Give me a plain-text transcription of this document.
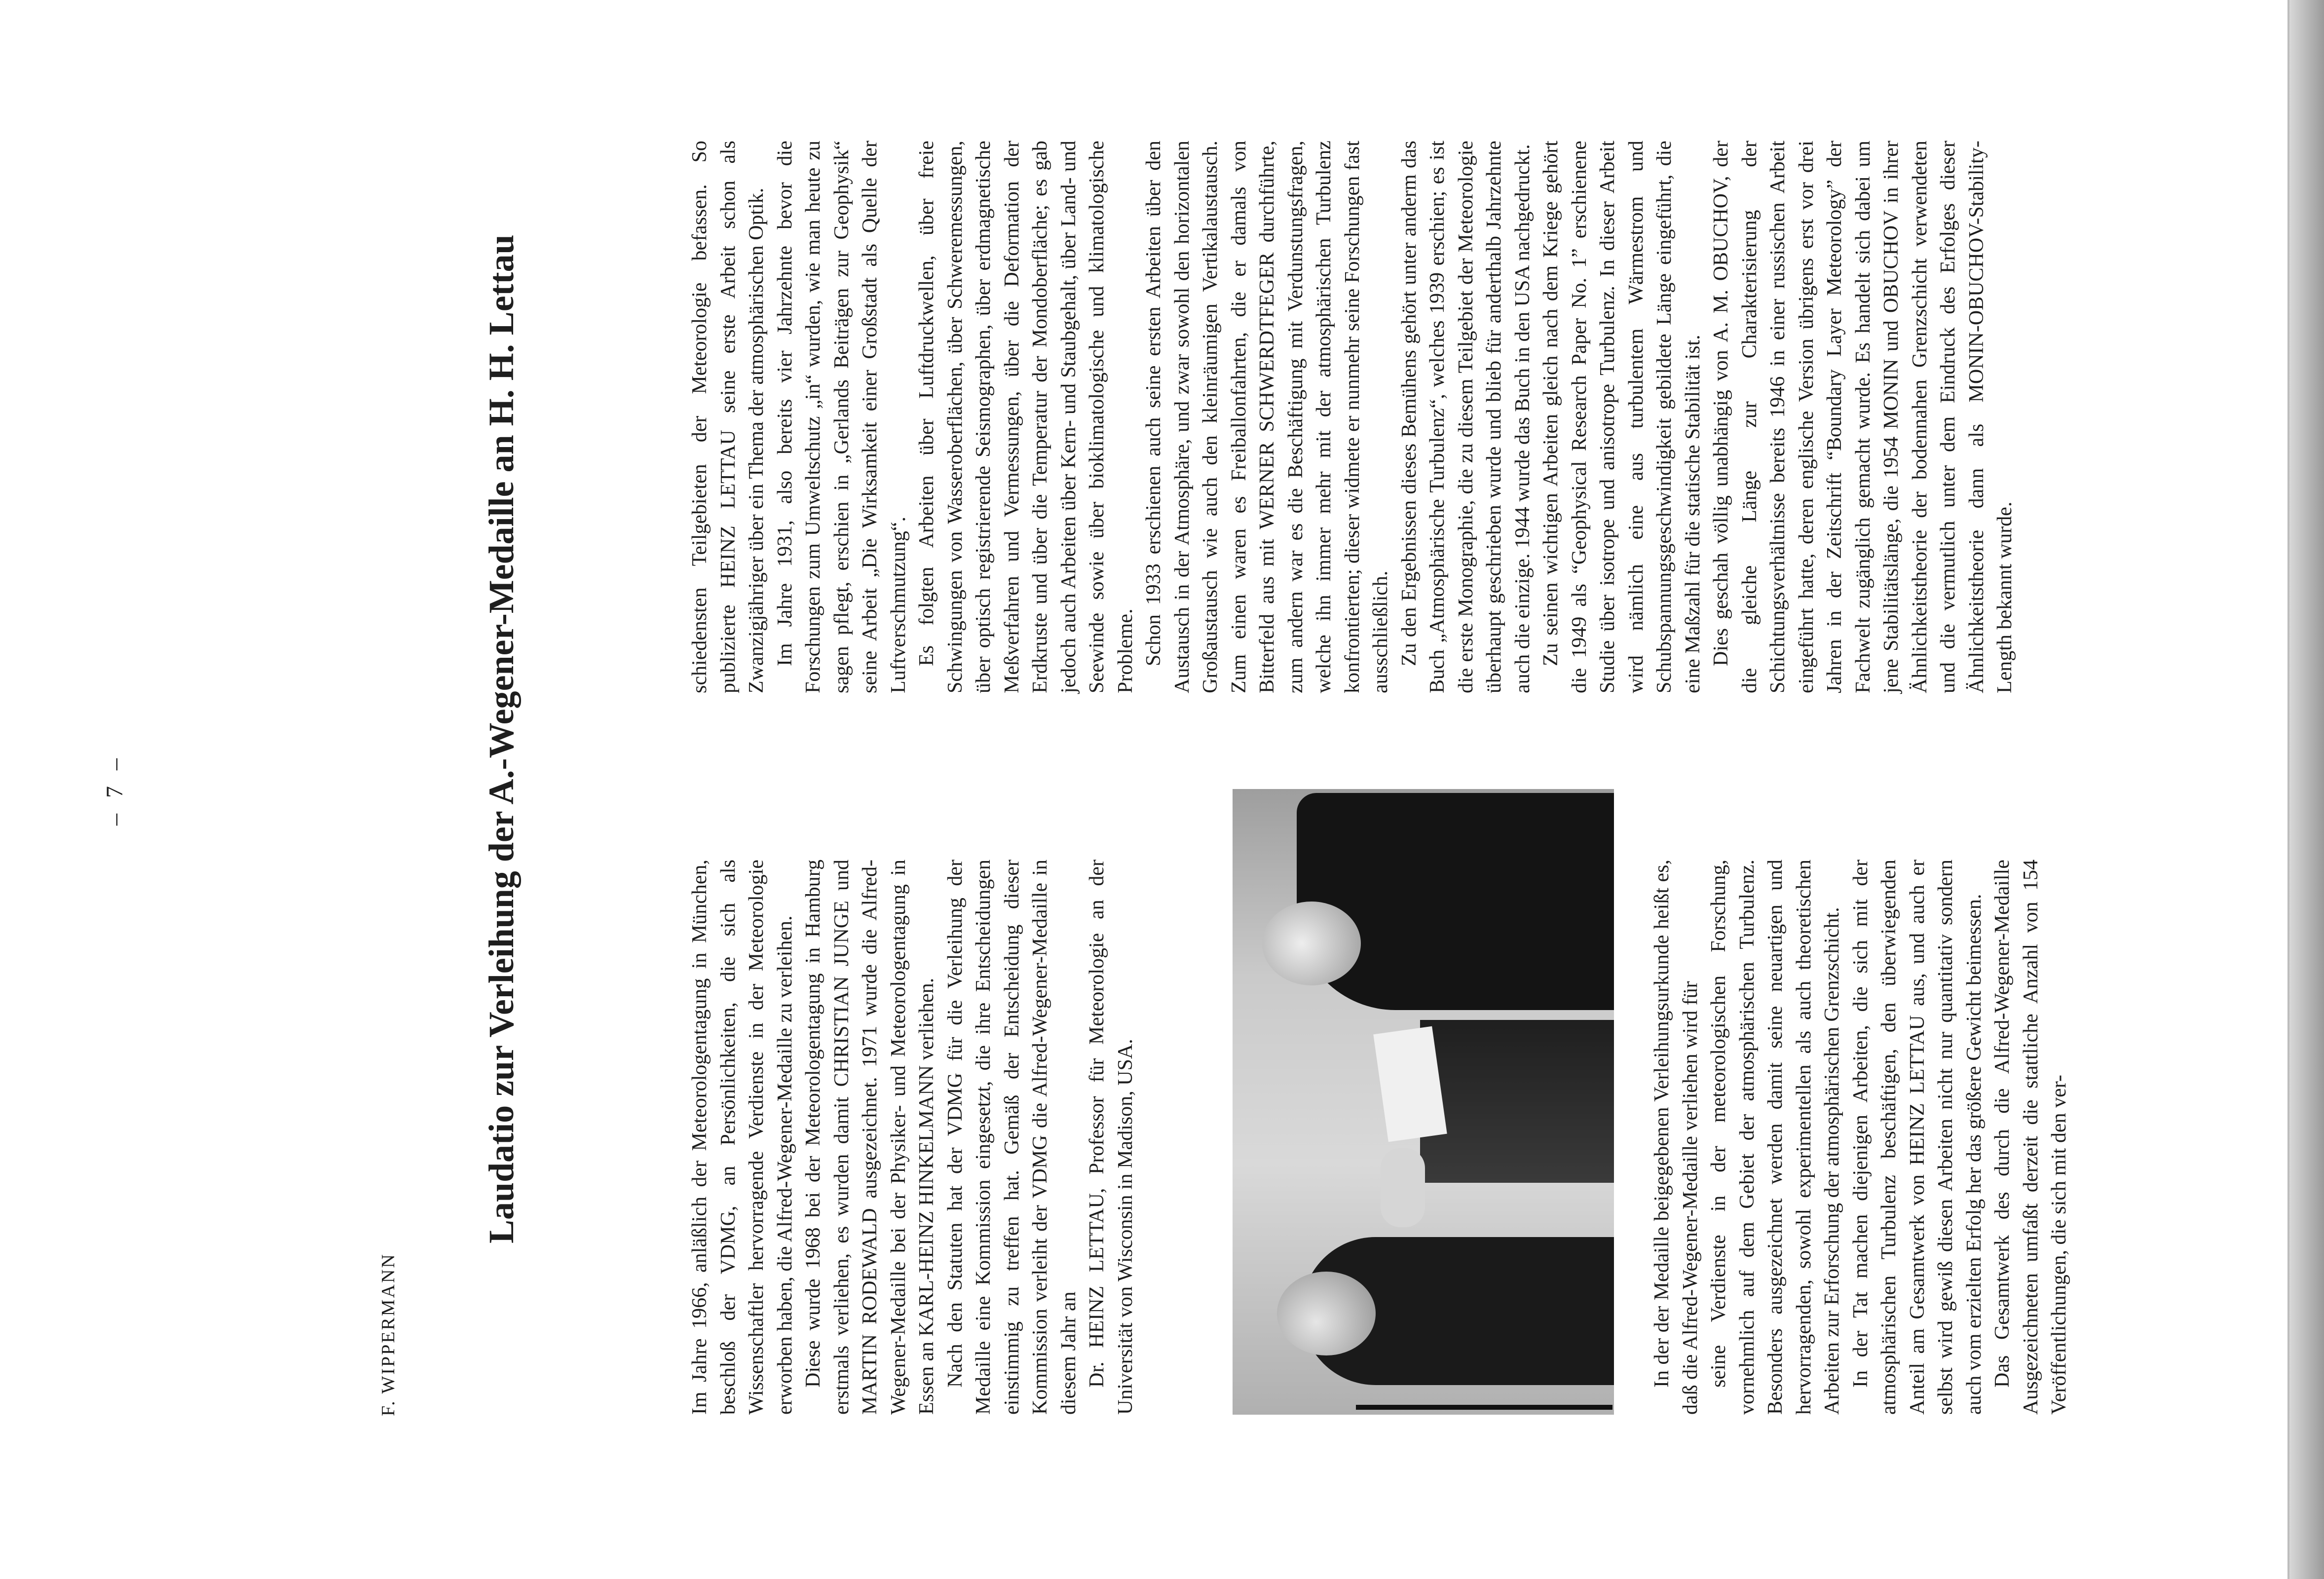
– 7 –
F. WIPPERMANN
Laudatio zur Verleihung der A.-Wegener-Medaille an H. H. Lettau	Im Jahre 1966, anläßlich der Meteorologentagung in München, beschloß der VDMG, an Persönlichkeiten, die sich als Wissenschaftler hervorragende Verdienste in der Meteorologie erworben haben, die Alfred-Wegener-Medaille zu verleihen. Diese wurde 1968 bei der Meteorologentagung in Hamburg erstmals verliehen, es wurden damit CHRISTIAN JUNGE und MARTIN RODEWALD ausgezeichnet. 1971 wurde die Alfred-Wegener-Medaille bei der Physiker- und Meteorologentagung in Essen an KARL-HEINZ HINKELMANN verliehen. Nach den Statuten hat der VDMG für die Verleihung der Medaille eine Kommission eingesetzt, die ihre Entscheidungen einstimmig zu treffen hat. Gemäß der Entscheidung dieser Kommission verleiht der VDMG die Alfred-Wegener-Medaille in diesem Jahr an Dr. HEINZ LETTAU, Professor für Meteorologie an der Universität von Wisconsin in Madison, USA.	In der der Medaille beigegebenen Verleihungsurkunde heißt es, daß die Alfred-Wegener-Medaille verliehen wird für seine Verdienste in der meteorologischen Forschung, vornehmlich auf dem Gebiet der atmosphärischen Turbulenz. Besonders ausgezeichnet werden damit seine neuartigen und hervorragenden, sowohl experimentellen als auch theoretischen Arbeiten zur Erforschung der atmosphärischen Grenzschicht. In der Tat machen diejenigen Arbeiten, die sich mit der atmosphärischen Turbulenz beschäftigen, den überwiegenden Anteil am Gesamtwerk von HEINZ LETTAU aus, und auch er selbst wird gewiß diesen Arbeiten nicht nur quantitativ sondern auch vom erzielten Erfolg her das größere Gewicht beimessen. Das Gesamtwerk des durch die Alfred-Wegener-Medaille Ausgezeichneten umfaßt derzeit die stattliche Anzahl von 154 Veröffentlichungen, die sich mit den ver-

schiedensten Teilgebieten der Meteorologie befassen. So publizierte HEINZ LETTAU seine erste Arbeit schon als Zwanzigjähriger über ein Thema der atmosphärischen Optik. Im Jahre 1931, also bereits vier Jahrzehnte bevor die Forschungen zum Umweltschutz „in“ wurden, wie man heute zu sagen pflegt, erschien in „Gerlands Beiträgen zur Geophysik“ seine Arbeit „Die Wirksamkeit einer Großstadt als Quelle der Luftverschmutzung“. Es folgten Arbeiten über Luftdruckwellen, über freie Schwingungen von Wasseroberflächen, über Schweremessungen, über optisch registrierende Seismographen, über erdmagnetische Meßverfahren und Vermessungen, über die Deformation der Erdkruste und über die Temperatur der Mondoberfläche; es gab jedoch auch Arbeiten über Kern- und Staubgehalt, über Land- und Seewinde sowie über bioklimatologische und klimatologische Probleme. Schon 1933 erschienen auch seine ersten Arbeiten über den Austausch in der Atmosphäre, und zwar sowohl den horizontalen Großaustausch wie auch den kleinräumigen Vertikalaustausch. Zum einen waren es Freiballonfahrten, die er damals von Bitterfeld aus mit WERNER SCHWERDTFEGER durchführte, zum andern war es die Beschäftigung mit Verdunstungsfragen, welche ihn immer mehr mit der atmosphärischen Turbulenz konfrontierten; dieser widmete er nunmehr seine Forschungen fast ausschließlich. Zu den Ergebnissen dieses Bemühens gehört unter anderm das Buch „Atmosphärische Turbulenz“, welches 1939 erschien; es ist die erste Monographie, die zu diesem Teilgebiet der Meteorologie überhaupt geschrieben wurde und blieb für anderthalb Jahrzehnte auch die einzige. 1944 wurde das Buch in den USA nachgedruckt. Zu seinen wichtigen Arbeiten gleich nach dem Kriege gehört die 1949 als “Geophysical Research Paper No. 1” erschienene Studie über isotrope und anisotrope Turbulenz. In dieser Arbeit wird nämlich eine aus turbulentem Wärmestrom und Schubspannungsgeschwindigkeit gebildete Länge eingeführt, die eine Maßzahl für die statische Stabilität ist. Dies geschah völlig unabhängig von A. M. OBUCHOV, der die gleiche Länge zur Charakterisierung der Schichtungsverhältnisse bereits 1946 in einer russischen Arbeit eingeführt hatte, deren englische Version übrigens erst vor drei Jahren in der Zeitschrift “Boundary Layer Meteorology” der Fachwelt zugänglich gemacht wurde. Es handelt sich dabei um jene Stabilitätslänge, die 1954 MONIN und OBUCHOV in ihrer Ähnlichkeitstheorie der bodennahen Grenzschicht verwendeten und die vermutlich unter dem Eindruck des Erfolges dieser Ähnlichkeitstheorie dann als MONIN-OBUCHOV-Stability-Length bekannt wurde.
